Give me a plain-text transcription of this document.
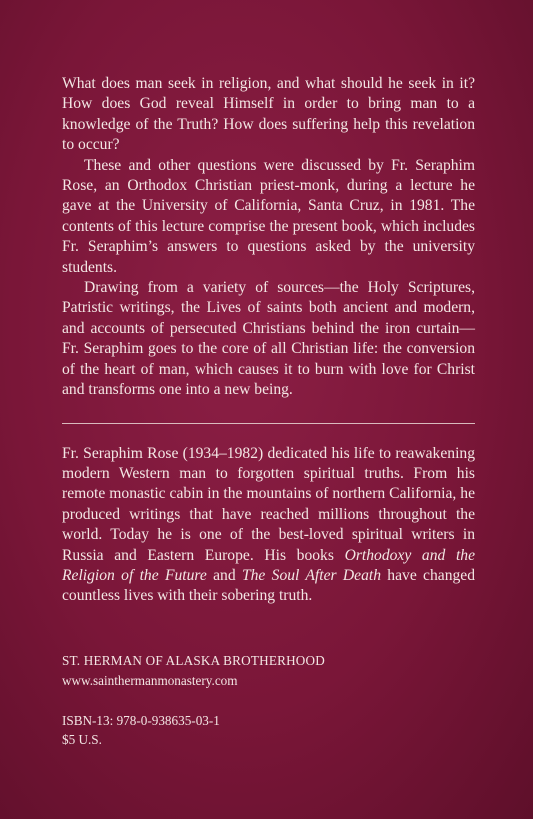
What does man seek in religion, and what should he seek in it? How does God reveal Himself in order to bring man to a knowledge of the Truth? How does suffering help this revelation to occur?

These and other questions were discussed by Fr. Seraphim Rose, an Orthodox Christian priest-monk, during a lecture he gave at the University of California, Santa Cruz, in 1981. The contents of this lecture comprise the present book, which includes Fr. Seraphim’s answers to questions asked by the university students.

Drawing from a variety of sources—the Holy Scriptures, Patristic writings, the Lives of saints both ancient and modern, and accounts of persecuted Christians behind the iron curtain—Fr. Seraphim goes to the core of all Christian life: the conversion of the heart of man, which causes it to burn with love for Christ and transforms one into a new being.

Fr. Seraphim Rose (1934–1982) dedicated his life to reawakening modern Western man to forgotten spiritual truths. From his remote monastic cabin in the mountains of northern California, he produced writings that have reached millions throughout the world. Today he is one of the best-loved spiritual writers in Russia and Eastern Europe. His books Orthodoxy and the Religion of the Future and The Soul After Death have changed countless lives with their sobering truth.

ST. HERMAN OF ALASKA BROTHERHOOD
www.sainthermanmonastery.com
ISBN-13: 978-0-938635-03-1
$5 U.S.
